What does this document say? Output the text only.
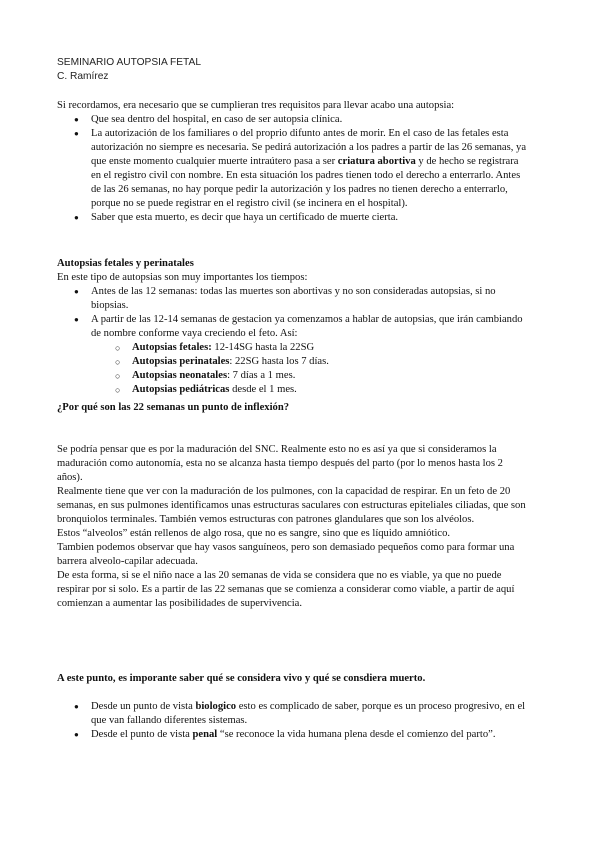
SEMINARIO AUTOPSIA FETAL
C. Ramírez

Si recordamos, era necesario que se cumplieran tres requisitos para llevar acabo una autopsia:

● Que sea dentro del hospital, en caso de ser autopsia clínica.
● La autorización de los familiares o del proprio difunto antes de morir. En el caso de las fetales esta autorización no siempre es necesaria. Se pedirá autorización a los padres a partir de las 26 semanas, ya que enste momento cualquier muerte intraútero pasa a ser criatura abortiva y de hecho se registrara en el registro civil con nombre. En esta situación los padres tienen todo el derecho a enterrarlo. Antes de las 26 semanas, no hay porque pedir la autorización y los padres no tienen derecho a enterrarlo, porque no se puede registrar en el registro civil (se incinera en el hospital).
● Saber que esta muerto, es decir que haya un certificado de muerte cierta.

Autopsias fetales y perinatales

En este tipo de autopsias son muy importantes los tiempos:

● Antes de las 12 semanas: todas las muertes son abortivas y no son consideradas autopsias, si no biopsias.
● A partir de las 12-14 semanas de gestacion ya comenzamos a hablar de autopsias, que irán cambiando de nombre conforme vaya creciendo el feto. Así:
○ Autopsias fetales: 12-14SG hasta la 22SG
○ Autopsias perinatales: 22SG hasta los 7 días.
○ Autopsias neonatales: 7 días a 1 mes.
○ Autopsias pediátricas desde el 1 mes.

¿Por qué son las 22 semanas un punto de inflexión?

Se podría pensar que es por la maduración del SNC. Realmente esto no es así ya que si consideramos la maduración como autonomía, esta no se alcanza hasta tiempo después del parto (por lo menos hasta los 2 años).

Realmente tiene que ver con la maduración de los pulmones, con la capacidad de respirar. En un feto de 20 semanas, en sus pulmones identificamos unas estructuras saculares con estructuras epiteliales ciliadas, que son bronquiolos terminales. También vemos estructuras con patrones glandulares que son los alvéolos.

Estos “alveolos” están rellenos de algo rosa, que no es sangre, sino que es líquido amniótico.

Tambien podemos observar que hay vasos sanguíneos, pero son demasiado pequeños como para formar una barrera alveolo-capilar adecuada.

De esta forma, si se el niño nace a las 20 semanas de vida se considera que no es viable, ya que no puede respirar por si solo. Es a partir de las 22 semanas que se comienza a considerar como viable, a partir de aquí comienzan a aumentar las posibilidades de supervivencia.

A este punto, es imporante saber qué se considera vivo y qué se consdiera muerto.

● Desde un punto de vista biologico esto es complicado de saber, porque es un proceso progresivo, en el que van fallando diferentes sistemas.
● Desde el punto de vista penal “se reconoce la vida humana plena desde el comienzo del parto”.
